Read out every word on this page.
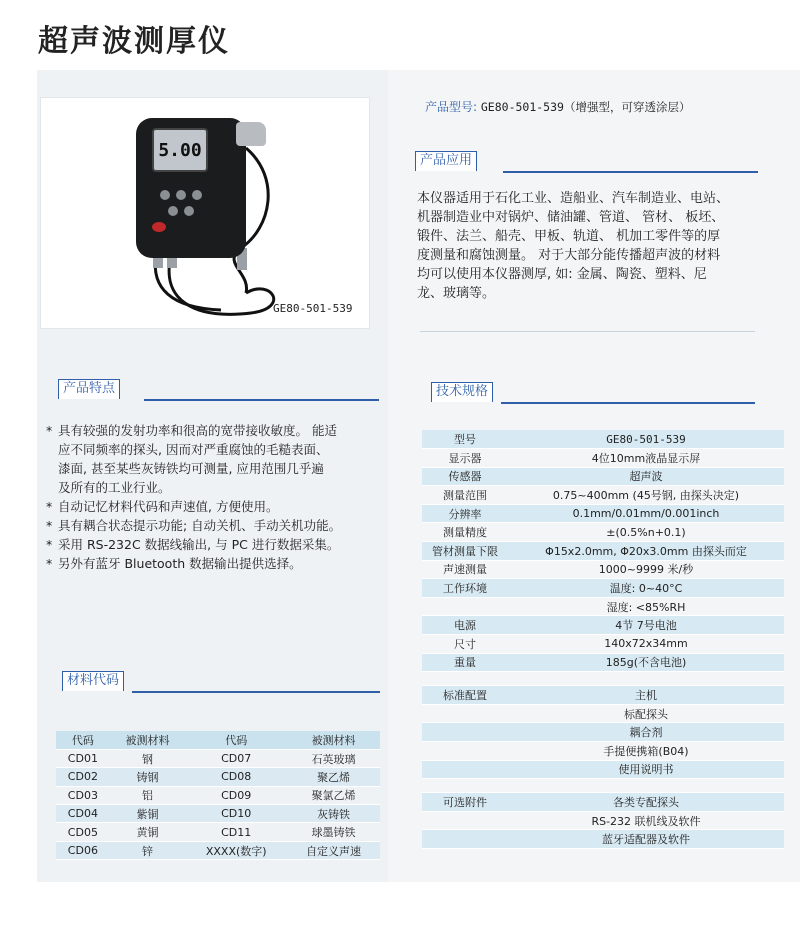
超声波测厚仪
5.00
GE80-501-539
产品型号: GE80-501-539（增强型，可穿透涂层）
产品应用
本仪器适用于石化工业、造船业、汽车制造业、电站、
机器制造业中对锅炉、储油罐、管道、 管材、 板坯、
锻件、法兰、船壳、甲板、轨道、 机加工零件等的厚
度测量和腐蚀测量。 对于大部分能传播超声波的材料
均可以使用本仪器测厚, 如: 金属、陶瓷、塑料、尼
龙、玻璃等。
产品特点
* 具有较强的发射功率和很高的宽带接收敏度。 能适
应不同频率的探头, 因而对严重腐蚀的毛糙表面、
漆面, 甚至某些灰铸铁均可测量, 应用范围几乎遍
及所有的工业行业。
* 自动记忆材料代码和声速值, 方便使用。
* 具有耦合状态提示功能; 自动关机、手动关机功能。
* 采用 RS-232C 数据线输出, 与 PC 进行数据采集。
* 另外有蓝牙 Bluetooth 数据输出提供选择。
技术规格
型号	GE80-501-539
显示器	4位10mm液晶显示屏
传感器	超声波
测量范围	0.75~400mm (45号钢, 由探头决定)
分辨率	0.1mm/0.01mm/0.001inch
测量精度	±(0.5%n+0.1)
管材测量下限	Φ15x2.0mm, Φ20x3.0mm 由探头而定
声速测量	1000~9999 米/秒
工作环境	温度: 0~40°C
	湿度: <85%RH
电源	4节 7号电池
尺寸	140x72x34mm
重量	185g(不含电池)

标准配置	主机
	标配探头
	耦合剂
	手提便携箱(B04)
	使用说明书

可选附件	各类专配探头
	RS-232 联机线及软件
	蓝牙适配器及软件
材料代码
代码	被测材料	代码	被测材料
CD01	钢	CD07	石英玻璃
CD02	铸钢	CD08	聚乙烯
CD03	铝	CD09	聚氯乙烯
CD04	紫铜	CD10	灰铸铁
CD05	黄铜	CD11	球墨铸铁
CD06	锌	XXXX(数字)	自定义声速
